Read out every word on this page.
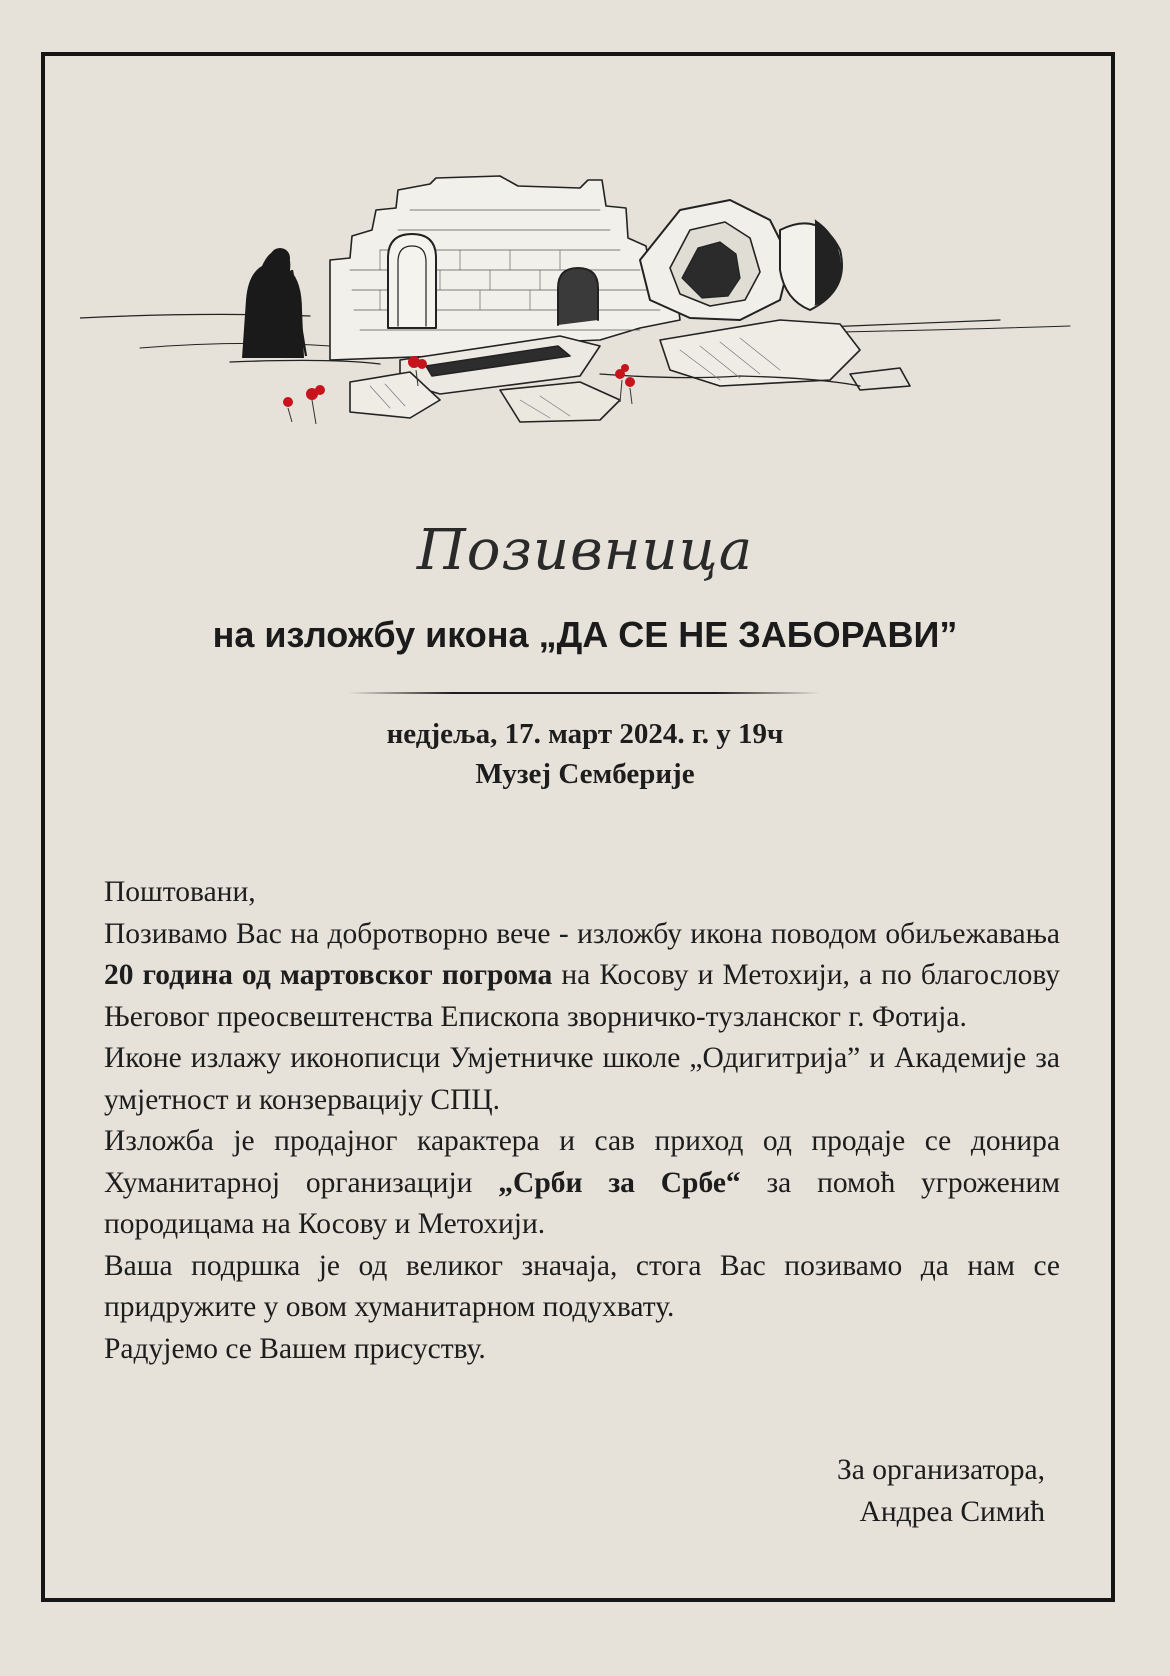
Позивница
на изложбу икона „ДА СЕ НЕ ЗАБОРАВИ”
недјеља, 17. март 2024. г. у 19ч
Музеј Семберије

Поштовани,

Позивамо Вас на добротворно вече - изложбу икона поводом обиљежавања 20 година од мартовског погрома на Косову и Метохији, а по благослову Његовог преосвештенства Епископа зворничко-тузланског г. Фотија.

Иконе излажу иконописци Умјетничке школе „Одигитрија” и Академије за умјетност и конзервацију СПЦ.

Изложба је продајног карактера и сав приход од продаје се донира Хуманитарној организацији „Срби за Србе“ за помоћ угроженим породицама на Косову и Метохији.

Ваша подршка је од великог значаја, стога Вас позивамо да нам се придружите у овом хуманитарном подухвату.

Радујемо се Вашем присуству.

За организатора,
Андреа Симић
